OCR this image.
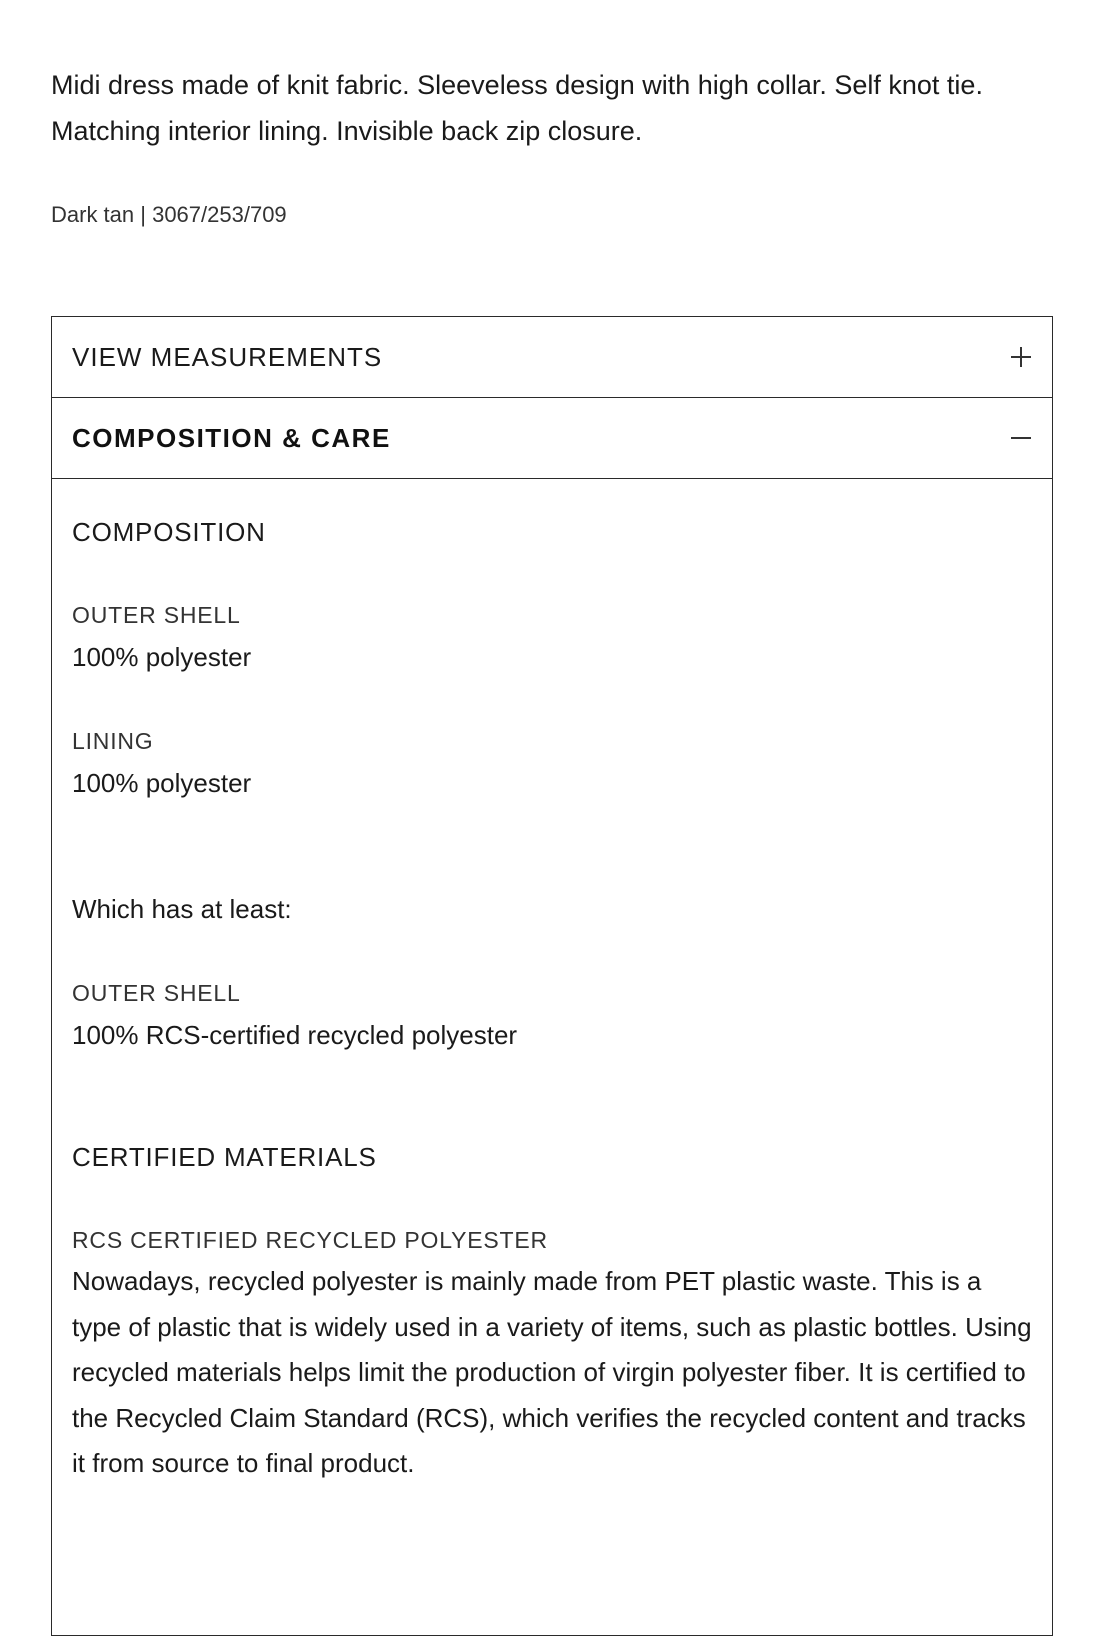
Midi dress made of knit fabric. Sleeveless design with high collar. Self knot tie. Matching interior lining. Invisible back zip closure.

Dark tan | 3067/253/709

VIEW MEASUREMENTS
COMPOSITION & CARE

COMPOSITION

OUTER SHELL

100% polyester

LINING

100% polyester

Which has at least:

OUTER SHELL

100% RCS-certified recycled polyester

CERTIFIED MATERIALS

RCS CERTIFIED RECYCLED POLYESTER

Nowadays, recycled polyester is mainly made from PET plastic waste. This is a type of plastic that is widely used in a variety of items, such as plastic bottles. Using recycled materials helps limit the production of virgin polyester fiber. It is certified to the Recycled Claim Standard (RCS), which verifies the recycled content and tracks it from source to final product.
